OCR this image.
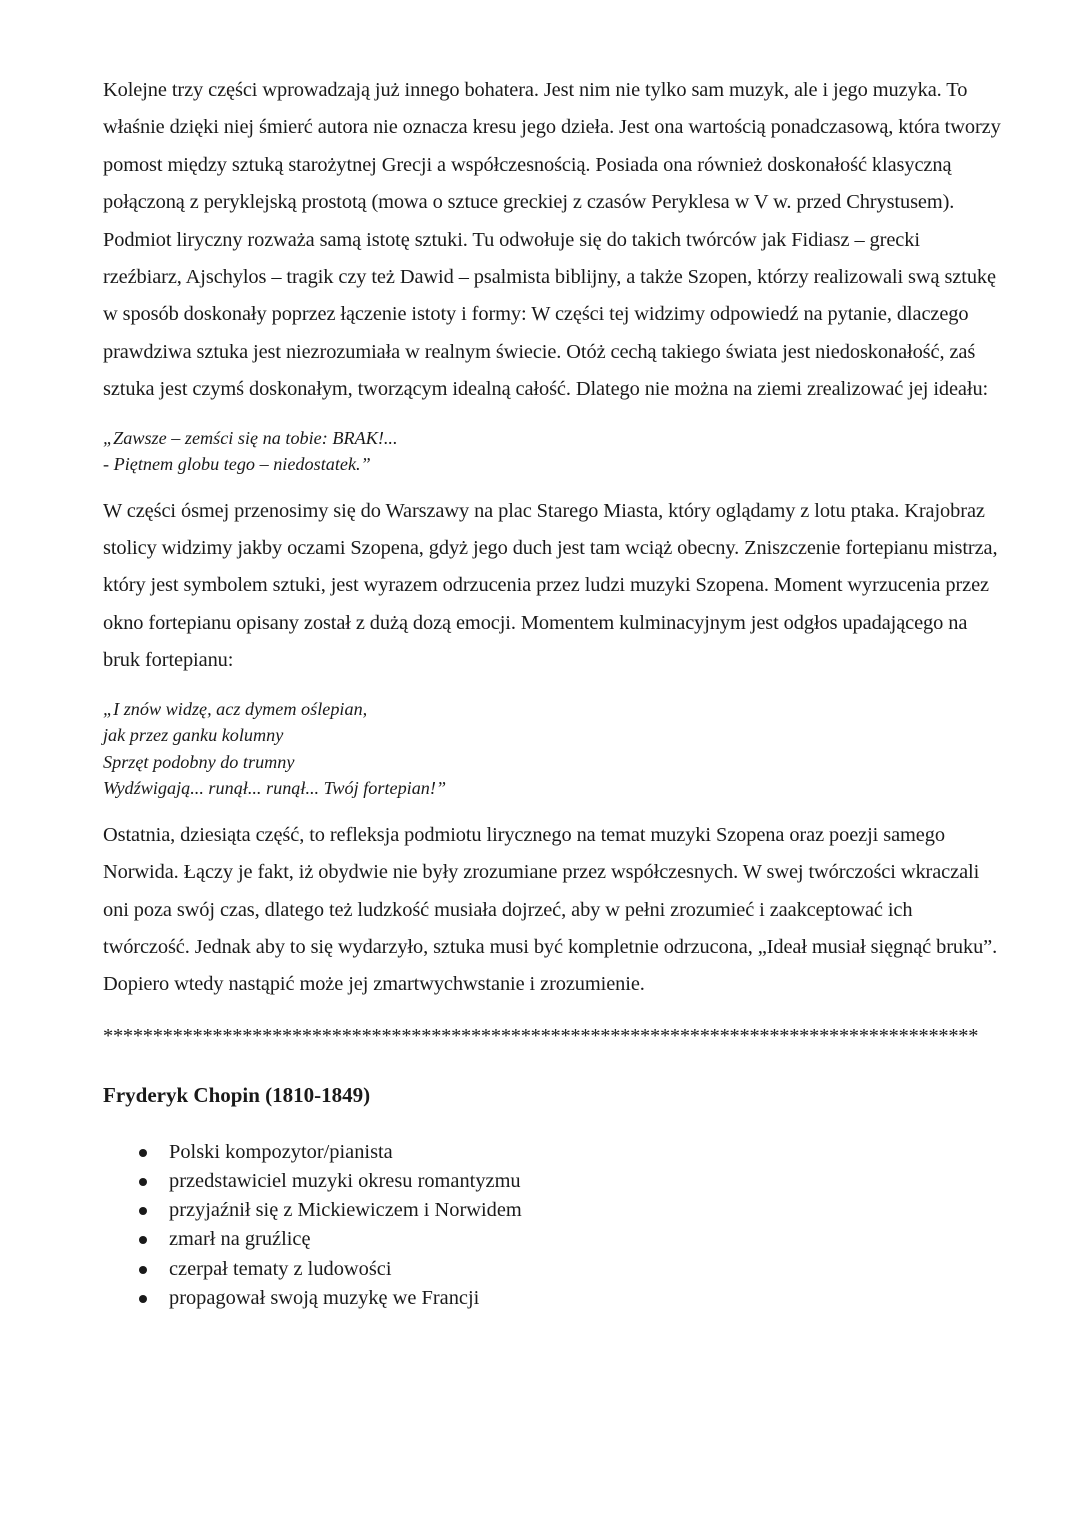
Kolejne trzy części wprowadzają już innego bohatera. Jest nim nie tylko sam muzyk, ale i jego muzyka. To właśnie dzięki niej śmierć autora nie oznacza kresu jego dzieła. Jest ona wartością ponadczasową, która tworzy pomost między sztuką starożytnej Grecji a współczesnością. Posiada ona również doskonałość klasyczną połączoną z peryklejską prostotą (mowa o sztuce greckiej z czasów Peryklesa w V w. przed Chrystusem). Podmiot liryczny rozważa samą istotę sztuki. Tu odwołuje się do takich twórców jak Fidiasz – grecki rzeźbiarz, Ajschylos – tragik czy też Dawid – psalmista biblijny, a także Szopen, którzy realizowali swą sztukę w sposób doskonały poprzez łączenie istoty i formy: W części tej widzimy odpowiedź na pytanie, dlaczego prawdziwa sztuka jest niezrozumiała w realnym świecie. Otóż cechą takiego świata jest niedoskonałość, zaś sztuka jest czymś doskonałym, tworzącym idealną całość. Dlatego nie można na ziemi zrealizować jej ideału:

„Zawsze – zemści się na tobie: BRAK!...
- Piętnem globu tego – niedostatek.”

W części ósmej przenosimy się do Warszawy na plac Starego Miasta, który oglądamy z lotu ptaka. Krajobraz stolicy widzimy jakby oczami Szopena, gdyż jego duch jest tam wciąż obecny. Zniszczenie fortepianu mistrza, który jest symbolem sztuki, jest wyrazem odrzucenia przez ludzi muzyki Szopena. Moment wyrzucenia przez okno fortepianu opisany został z dużą dozą emocji. Momentem kulminacyjnym jest odgłos upadającego na bruk fortepianu:

„I znów widzę, acz dymem oślepian,
jak przez ganku kolumny
Sprzęt podobny do trumny
Wydźwigają... runął... runął... Twój fortepian!”

Ostatnia, dziesiąta część, to refleksja podmiotu lirycznego na temat muzyki Szopena oraz poezji samego Norwida. Łączy je fakt, iż obydwie nie były zrozumiane przez współczesnych. W swej twórczości wkraczali oni poza swój czas, dlatego też ludzkość musiała dojrzeć, aby w pełni zrozumieć i zaakceptować ich twórczość. Jednak aby to się wydarzyło, sztuka musi być kompletnie odrzucona, „Ideał musiał sięgnąć bruku”. Dopiero wtedy nastąpić może jej zmartwychwstanie i zrozumienie.

****************************************************************************************
Fryderyk Chopin (1810-1849)
Polski kompozytor/pianista
przedstawiciel muzyki okresu romantyzmu
przyjaźnił się z Mickiewiczem i Norwidem
zmarł na gruźlicę
czerpał tematy z ludowości
propagował swoją muzykę we Francji
